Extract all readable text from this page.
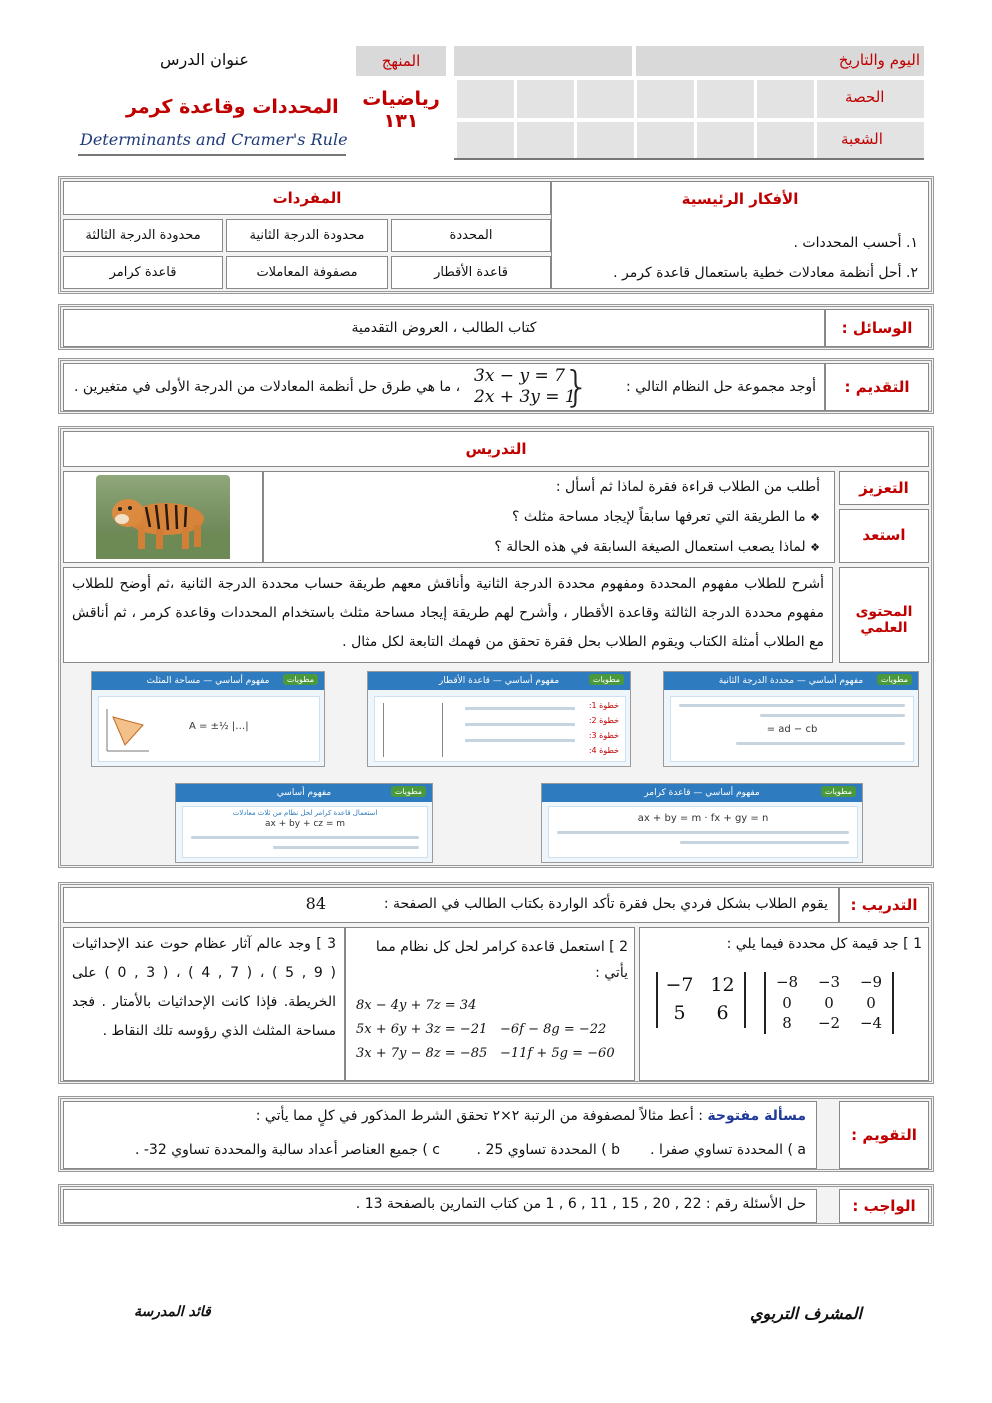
اليوم والتاريخ
الحصة
الشعبة
المنهج
رياضيات
١٣١
عنوان الدرس
المحددات وقاعدة كرمر
Determinants and Cramer's Rule
الأفكار الرئيسية
١. أحسب المحددات .
٢. أحل أنظمة معادلات خطية باستعمال قاعدة كرمر .
المفردات
محدودة الدرجة الثالثة	محدودة الدرجة الثانية	المحددة
قاعدة كرامر	مصفوفة المعاملات	قاعدة الأقطار
الوسائل :
كتاب الطالب ، العروض التقدمية
التقديم :
أوجد مجموعة حل النظام التالي :
{
3x − y = 7
2x + 3y = 1
، ما هي طرق حل أنظمة المعادلات من الدرجة الأولى في متغيرين .
التدريس
التعزيز
استعد
أطلب من الطلاب قراءة فقرة لماذا ثم أسأل :
❖ ما الطريقة التي تعرفها سابقاً لإيجاد مساحة مثلث ؟
❖ لماذا يصعب استعمال الصيغة السابقة في هذه الحالة ؟
المحتوى العلمي
أشرح للطلاب مفهوم المحددة ومفهوم محددة الدرجة الثانية وأناقش معهم طريقة حساب محددة الدرجة الثانية ،ثم أوضح للطلاب مفهوم محددة الدرجة الثالثة وقاعدة الأقطار ، وأشرح لهم طريقة إيجاد مساحة مثلث باستخدام المحددات وقاعدة كرمر ، ثم أناقش مع الطلاب أمثلة الكتاب ويقوم الطلاب بحل فقرة تحقق من فهمك التابعة لكل مثال .
مفهوم أساسي — محددة الدرجة الثانية	مطويات
= ad − cb
مفهوم أساسي — قاعدة الأقطار	مطويات
خطوة 1:
خطوة 2:
خطوة 3:
خطوة 4:
مفهوم أساسي — مساحة المثلث	مطويات
A = ±½ |…|
مفهوم أساسي — قاعدة كرامر	مطويات
ax + by = m · fx + gy = n
مفهوم أساسي	مطويات
استعمال قاعدة كرامر لحل نظام من ثلاث معادلات
ax + by + cz = m
التدريب :
يقوم الطلاب بشكل فردي بحل فقرة تأكد الواردة بكتاب الطالب في الصفحة :
84
1 ] جد قيمة كل محددة فيما يلي :
−7 12
5	6
−8	−3	−9
0	0	0
8	−2	−4
2 ] استعمل قاعدة كرامر لحل كل نظام مما يأتي :
8x − 4y + 7z = 34
5x + 6y + 3z = −21
3x + 7y − 8z = −85
−6f − 8g = −22
−11f + 5g = −60
3 ] وجد عالم آثار عظام حوت عند الإحداثيات ( 9 , 5 ) ، ( 7 , 4 ) ، ( 3 , 0 ) على الخريطة. فإذا كانت الإحداثيات بالأمتار . فجد مساحة المثلث الذي رؤوسه تلك النقاط .
التقويم :
مسألة مفتوحة : أعط مثالاً لمصفوفة من الرتبة ٢×٢ تحقق الشرط المذكور في كلٍ مما يأتي :
a ) المحددة تساوي صفرا .
b ) المحددة تساوي 25 .
c ) جميع العناصر أعداد سالبة والمحددة تساوي 32- .
الواجب :
حل الأسئلة رقم : 22 , 20 , 15 , 11 , 6 , 1 من كتاب التمارين بالصفحة 13 .
المشرف التربوي
قائد المدرسة
